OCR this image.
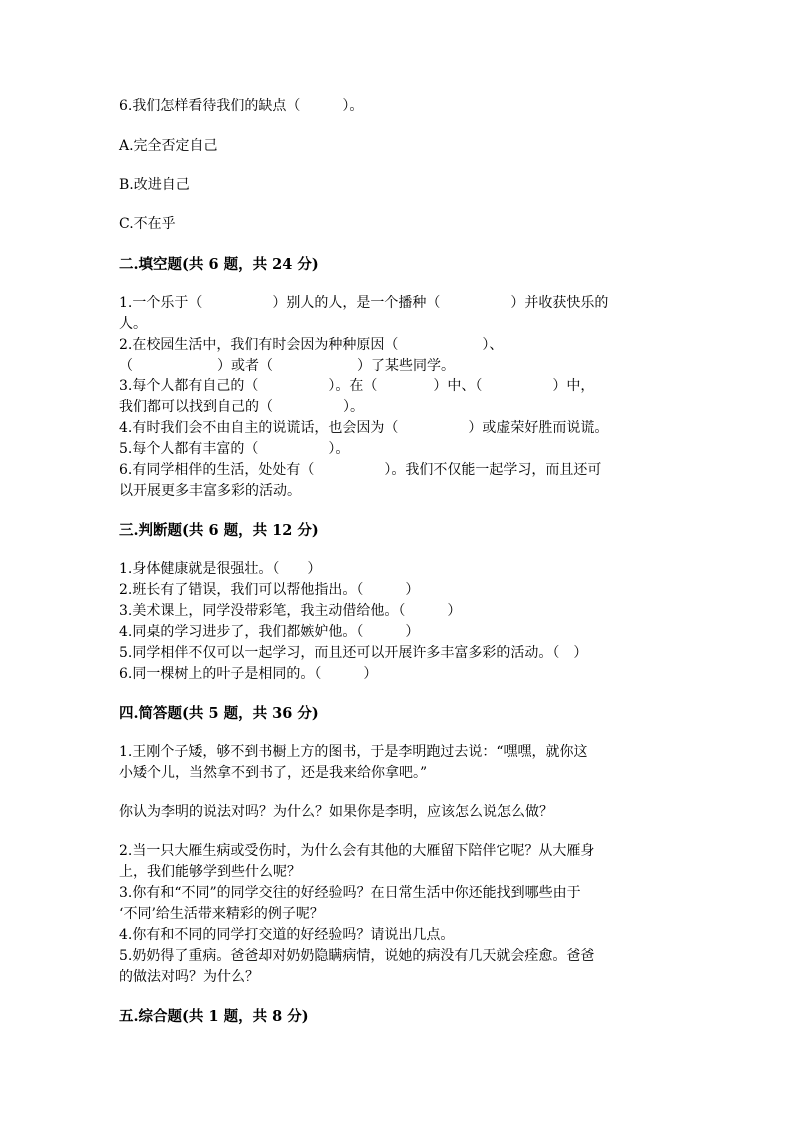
6.我们怎样看待我们的缺点（　　　）。
A.完全否定自己
B.改进自己
C.不在乎
二.填空题(共 6 题，共 24 分)
1.一个乐于（　　　　　）别人的人，是一个播种（　　　　　）并收获快乐的
人。
2.在校园生活中，我们有时会因为种种原因（　　　　　　）、
（　　　　　　）或者（　　　　　　）了某些同学。
3.每个人都有自己的（　　　　　）。在（　　　　）中、（　　　　　）中，
我们都可以找到自己的（　　　　　）。
4.有时我们会不由自主的说谎话，也会因为（　　　　　）或虚荣好胜而说谎。
5.每个人都有丰富的（　　　　　）。
6.有同学相伴的生活，处处有（　　　　　）。我们不仅能一起学习，而且还可
以开展更多丰富多彩的活动。
三.判断题(共 6 题，共 12 分)
1.身体健康就是很强壮。（　　）
2.班长有了错误，我们可以帮他指出。（　　　）
3.美术课上，同学没带彩笔，我主动借给他。（　　　）
4.同桌的学习进步了，我们都嫉妒他。（　　　）
5.同学相伴不仅可以一起学习，而且还可以开展许多丰富多彩的活动。（　）
6.同一棵树上的叶子是相同的。（　　　）
四.简答题(共 5 题，共 36 分)
1.王刚个子矮，够不到书橱上方的图书，于是李明跑过去说：“嘿嘿，就你这
小矮个儿，当然拿不到书了，还是我来给你拿吧。”
你认为李明的说法对吗？为什么？如果你是李明，应该怎么说怎么做？
2.当一只大雁生病或受伤时，为什么会有其他的大雁留下陪伴它呢？从大雁身
上，我们能够学到些什么呢？
3.你有和“不同”的同学交往的好经验吗？在日常生活中你还能找到哪些由于
‘不同’给生活带来精彩的例子呢？
4.你有和不同的同学打交道的好经验吗？请说出几点。
5.奶奶得了重病。爸爸却对奶奶隐瞒病情，说她的病没有几天就会痊愈。爸爸
的做法对吗？为什么？
五.综合题(共 1 题，共 8 分)
